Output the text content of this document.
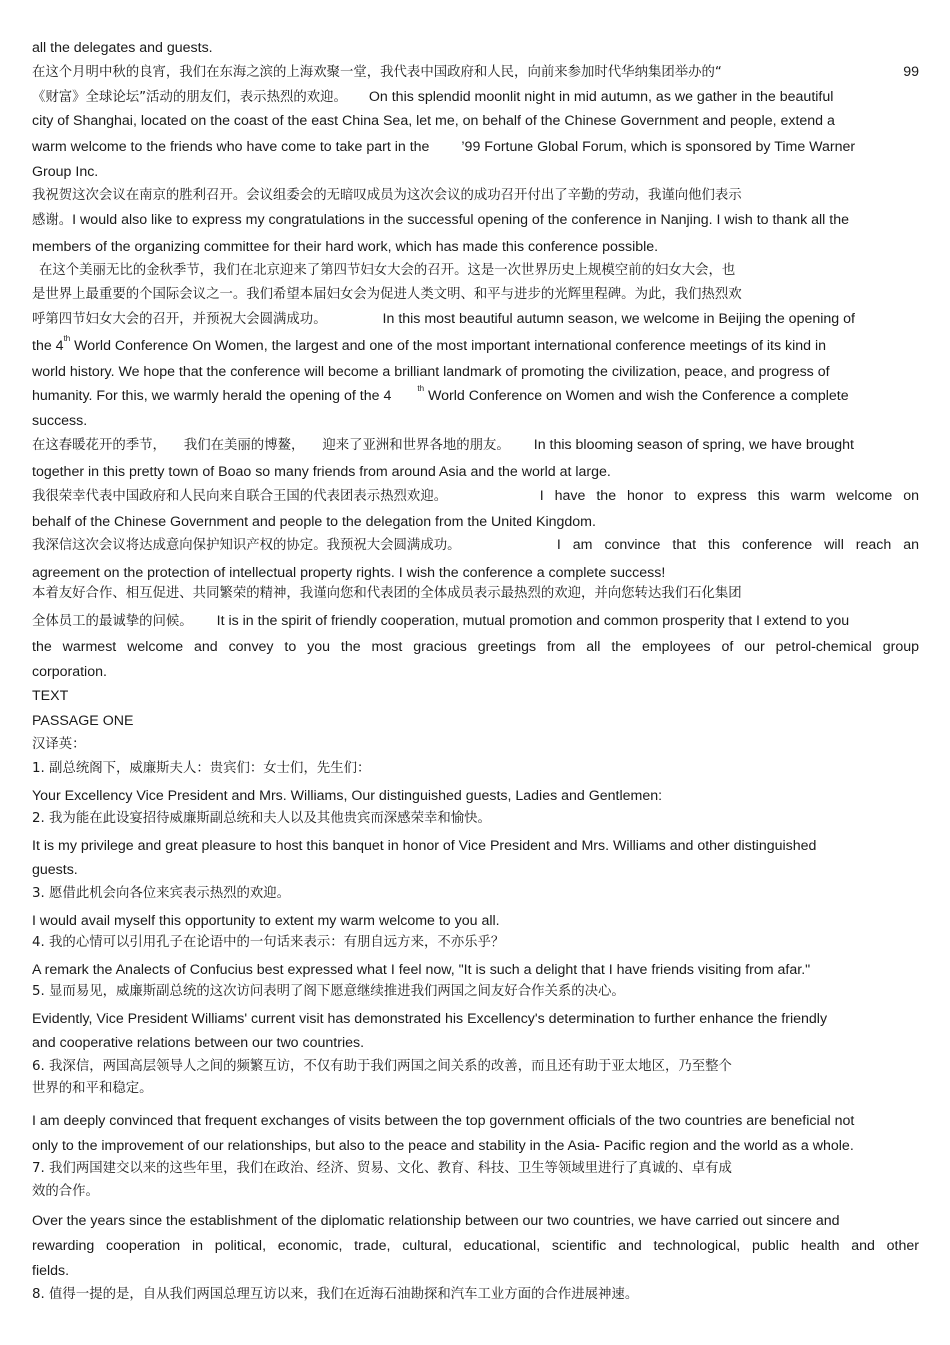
all the delegates and guests.
在这个月明中秋的良宵，我们在东海之滨的上海欢聚一堂，我代表中国政府和人民，向前来参加时代华纳集团举办的“	99
《财富》全球论坛”活动的朋友们，表示热烈的欢迎。 On this splendid moonlit night in mid autumn, as we gather in the beautiful
city of Shanghai, located on the coast of the east China Sea, let me, on behalf of the Chinese Government and people, extend a
warm welcome to the friends who have come to take part in the ’99 Fortune Global Forum, which is sponsored by Time Warner
Group Inc.
我祝贺这次会议在南京的胜利召开。会议组委会的无暗叹成员为这次会议的成功召开付出了辛勤的劳动，我谨向他们表示
感谢。I would also like to express my congratulations in the successful opening of the conference in Nanjing. I wish to thank all the
members of the organizing committee for their hard work, which has made this conference possible.
在这个美丽无比的金秋季节，我们在北京迎来了第四节妇女大会的召开。这是一次世界历史上规模空前的妇女大会，也
是世界上最重要的个国际会议之一。我们希望本届妇女会为促进人类文明、和平与进步的光辉里程碑。为此，我们热烈欢
呼第四节妇女大会的召开，并预祝大会圆满成功。	In this most beautiful autumn season, we welcome in Beijing the opening of
the 4th World Conference On Women, the largest and one of the most important international conference meetings of its kind in
world history. We hope that the conference will become a brilliant landmark of promoting the civilization, peace, and progress of
humanity. For this, we warmly herald the opening of the 4	$^{th}$ World Conference on Women and wish the Conference a complete
success.
在这春暖花开的季节， 我们在美丽的博鳌， 迎来了亚洲和世界各地的朋友。 In this blooming season of spring, we have brought
together in this pretty town of Boao so many friends from around Asia and the world at large.
我很荣幸代表中国政府和人民向来自联合王国的代表团表示热烈欢迎。	I have the honor to express this warm welcome on
behalf of the Chinese Government and people to the delegation from the United Kingdom.
我深信这次会议将达成意向保护知识产权的协定。我预祝大会圆满成功。	I am convince that this conference will reach an
agreement on the protection of intellectual property rights. I wish the conference a complete success!
本着友好合作、相互促进、共同繁荣的精神，我谨向您和代表团的全体成员表示最热烈的欢迎，并向您转达我们石化集团
全体员工的最诚挚的问候。 It is in the spirit of friendly cooperation, mutual promotion and common prosperity that I extend to you
the warmest welcome and convey to you the most gracious greetings from all the employees of our petrol-chemical group
corporation.
TEXT
PASSAGE ONE
汉译英：
1. 副总统阁下，威廉斯夫人：贵宾们：女士们，先生们：
Your Excellency Vice President and Mrs. Williams, Our distinguished guests, Ladies and Gentlemen:
2. 我为能在此设宴招待威廉斯副总统和夫人以及其他贵宾而深感荣幸和愉快。
It is my privilege and great pleasure to host this banquet in honor of Vice President and Mrs. Williams and other distinguished
guests.
3. 愿借此机会向各位来宾表示热烈的欢迎。
I would avail myself this opportunity to extent my warm welcome to you all.
4. 我的心情可以引用孔子在论语中的一句话来表示：有朋自远方来，不亦乐乎？
A remark the Analects of Confucius best expressed what I feel now, "It is such a delight that I have friends visiting from afar."
5. 显而易见，威廉斯副总统的这次访问表明了阁下愿意继续推进我们两国之间友好合作关系的决心。
Evidently, Vice President Williams' current visit has demonstrated his Excellency's determination to further enhance the friendly
and cooperative relations between our two countries.
6. 我深信，两国高层领导人之间的频繁互访，不仅有助于我们两国之间关系的改善，而且还有助于亚太地区，乃至整个
世界的和平和稳定。
I am deeply convinced that frequent exchanges of visits between the top government officials of the two countries are beneficial not
only to the improvement of our relationships, but also to the peace and stability in the Asia- Pacific region and the world as a whole.
7. 我们两国建交以来的这些年里，我们在政治、经济、贸易、文化、教育、科技、卫生等领域里进行了真诚的、卓有成
效的合作。
Over the years since the establishment of the diplomatic relationship between our two countries, we have carried out sincere and
rewarding cooperation in political, economic, trade, cultural, educational, scientific and technological, public health and other
fields.
8. 值得一提的是，自从我们两国总理互访以来，我们在近海石油勘探和汽车工业方面的合作进展神速。
